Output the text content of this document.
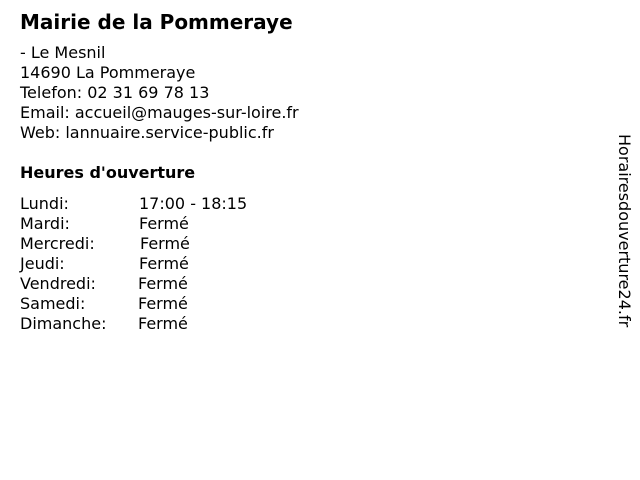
Mairie de la Pommeraye
- Le Mesnil
14690 La Pommeraye
Telefon: 02 31 69 78 13
Email: accueil@mauges-sur-loire.fr
Web: lannuaire.service-public.fr
Heures d'ouverture
Lundi:	17:00 - 18:15
Mardi:	Fermé
Mercredi:	Fermé
Jeudi:	Fermé
Vendredi:	Fermé
Samedi:	Fermé
Dimanche: Fermé	Horairesdouverture24.fr
